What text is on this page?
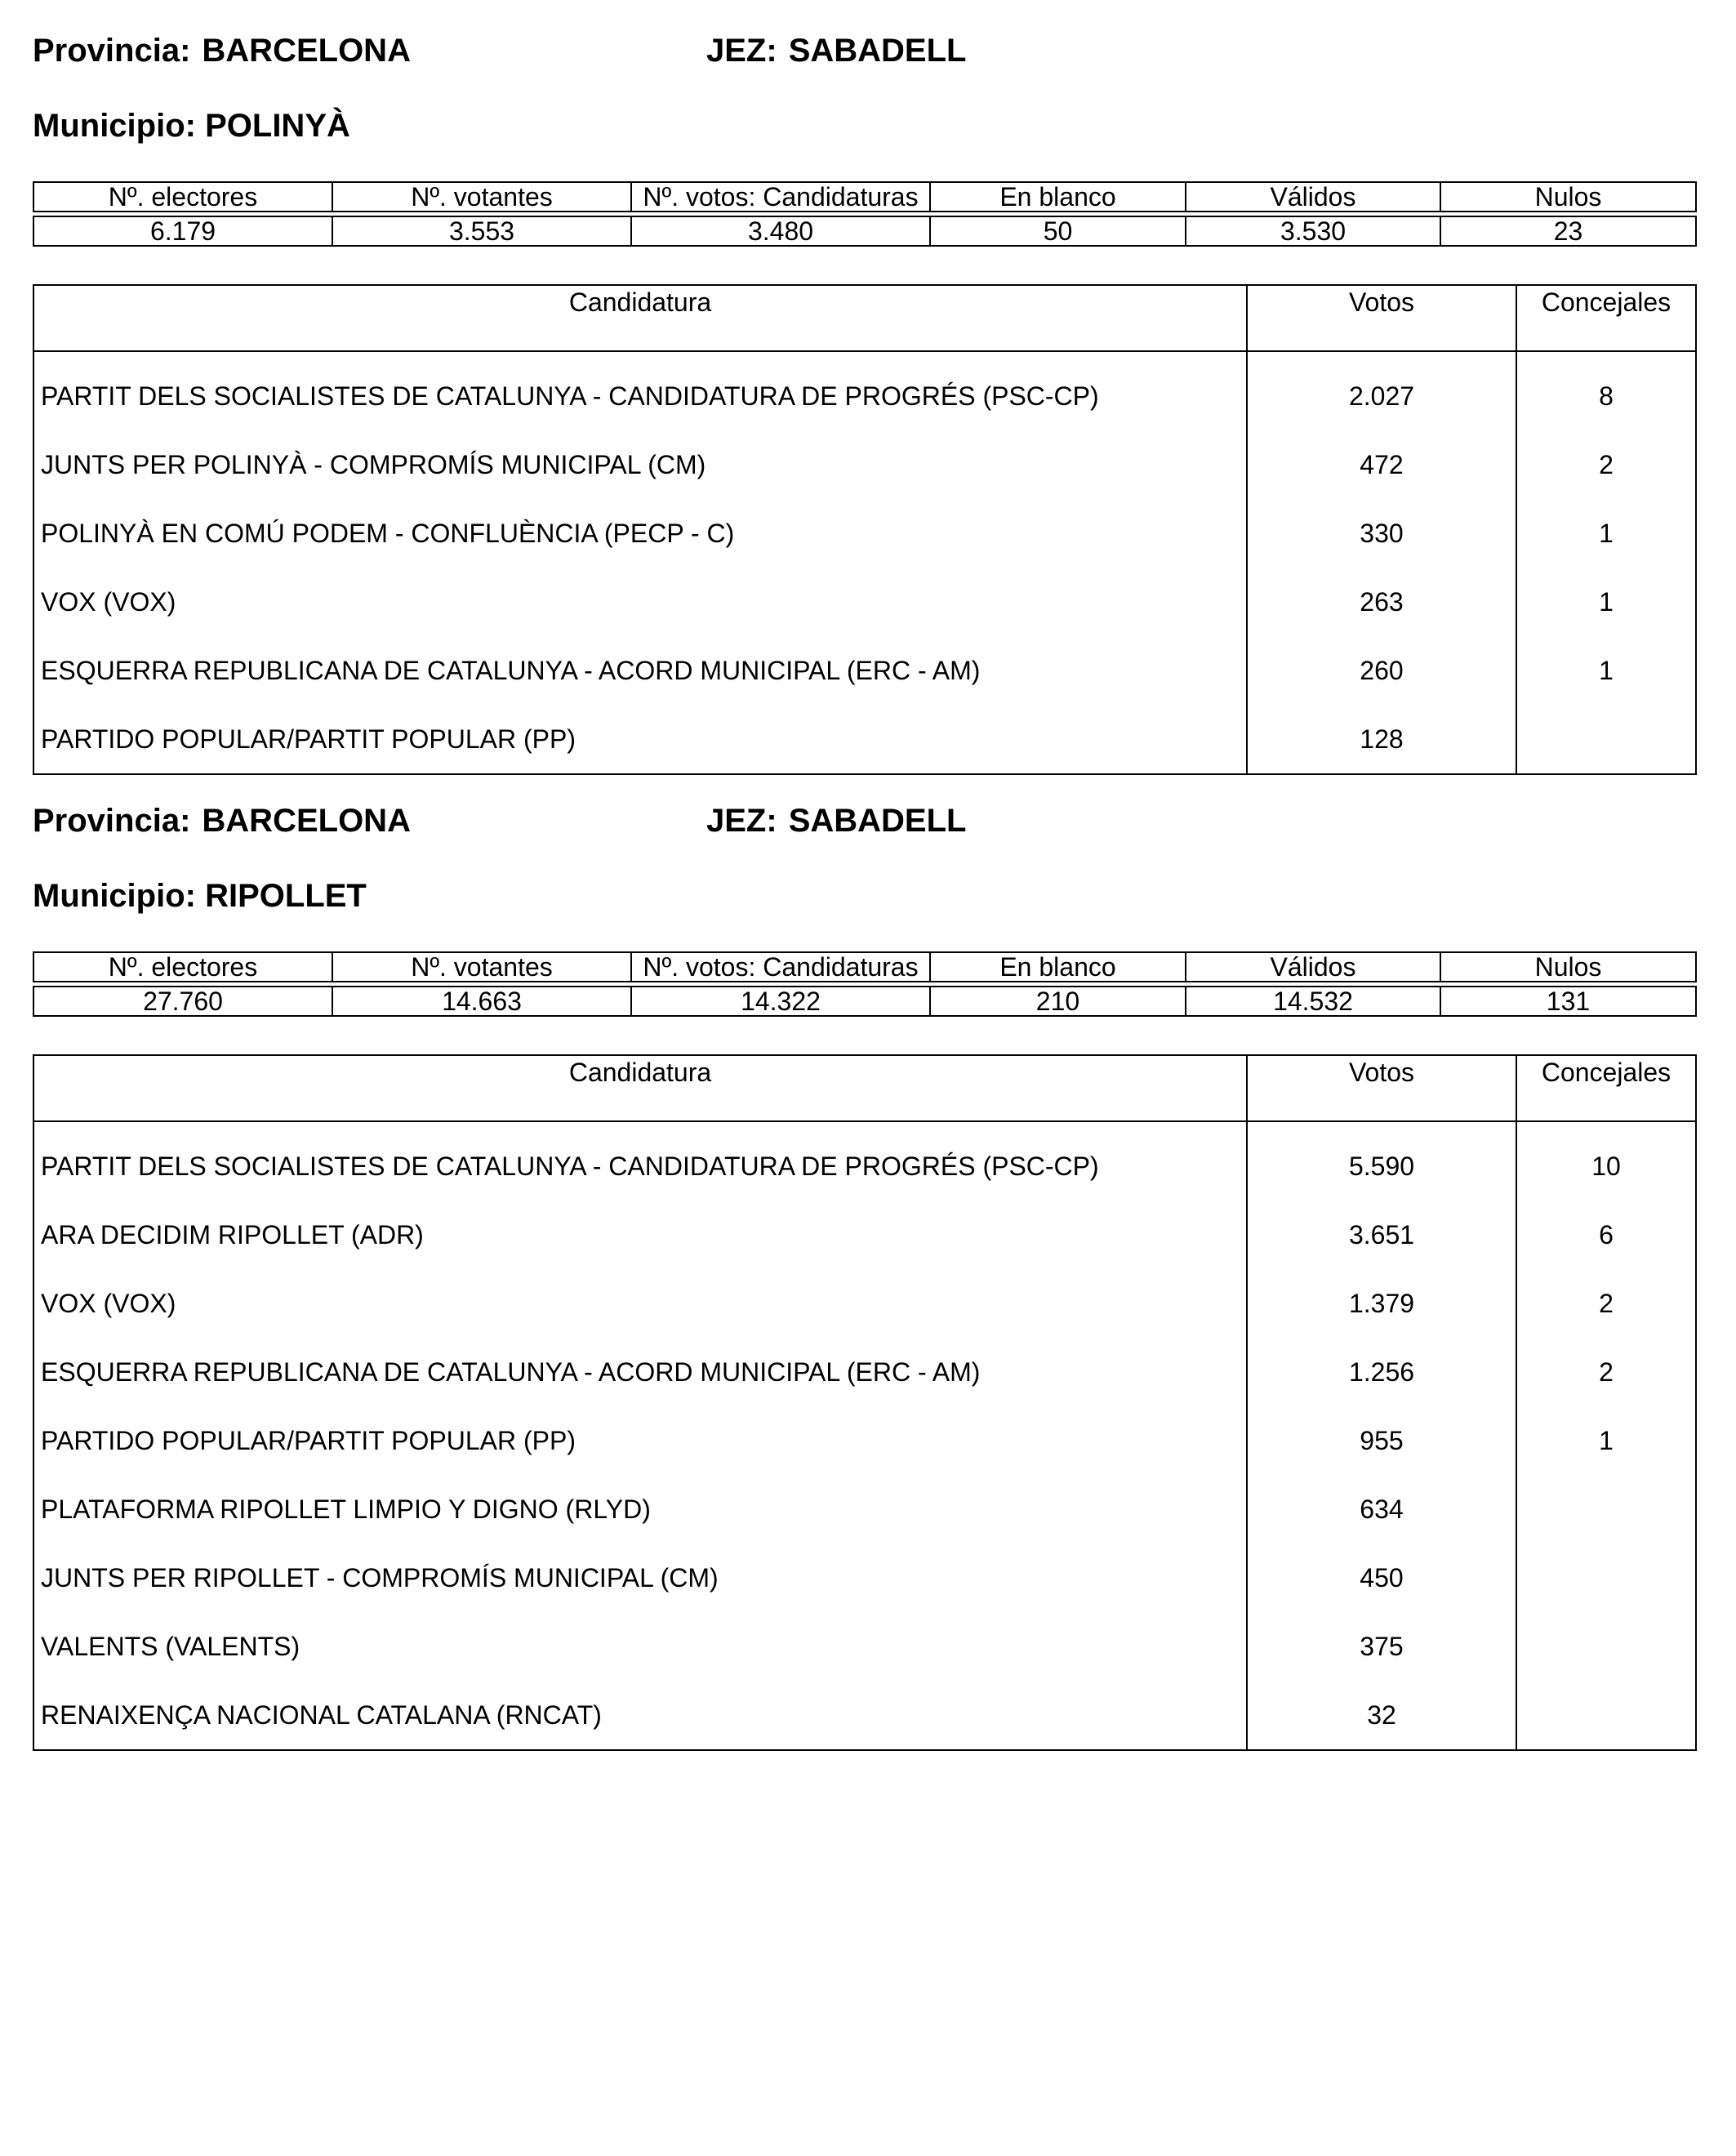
Provincia: BARCELONA	JEZ: SABADELL
Municipio: POLINYÀ
Nº. electores	Nº. votantes	Nº. votos: Candidaturas	En blanco	Válidos	Nulos

6.179	3.553	3.480	50	3.530	23
Candidatura	Votos	Concejales
PARTIT DELS SOCIALISTES DE CATALUNYA - CANDIDATURA DE PROGRÉS (PSC-CP)	2.027	8
JUNTS PER POLINYÀ - COMPROMÍS MUNICIPAL (CM)	472	2
POLINYÀ EN COMÚ PODEM - CONFLUÈNCIA (PECP - C)	330	1
VOX (VOX)	263	1
ESQUERRA REPUBLICANA DE CATALUNYA - ACORD MUNICIPAL (ERC - AM)	260	1
PARTIDO POPULAR/PARTIT POPULAR (PP)	128	
Provincia: BARCELONA	JEZ: SABADELL
Municipio: RIPOLLET
Nº. electores	Nº. votantes	Nº. votos: Candidaturas	En blanco	Válidos	Nulos

27.760	14.663	14.322	210	14.532	131
Candidatura	Votos	Concejales
PARTIT DELS SOCIALISTES DE CATALUNYA - CANDIDATURA DE PROGRÉS (PSC-CP)	5.590	10
ARA DECIDIM RIPOLLET (ADR)	3.651	6
VOX (VOX)	1.379	2
ESQUERRA REPUBLICANA DE CATALUNYA - ACORD MUNICIPAL (ERC - AM)	1.256	2
PARTIDO POPULAR/PARTIT POPULAR (PP)	955	1
PLATAFORMA RIPOLLET LIMPIO Y DIGNO (RLYD)	634	
JUNTS PER RIPOLLET - COMPROMÍS MUNICIPAL (CM)	450	
VALENTS (VALENTS)	375	
RENAIXENÇA NACIONAL CATALANA (RNCAT)	32	
